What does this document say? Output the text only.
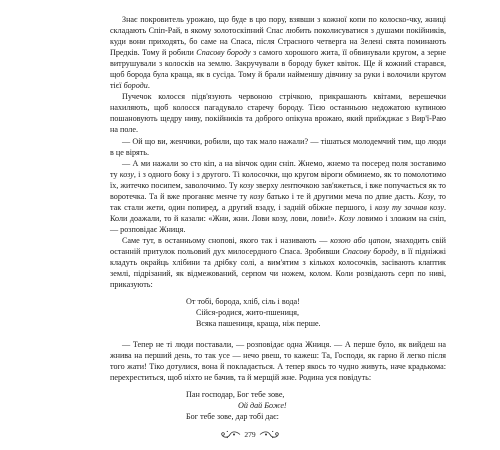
Знає покровитель урожаю, що буде в цю пору, взявши з кожної копи по колоско-чку, жниці складають Спіп-Рай, в якому золотоскіпний Спас любить поколисуватися з душами покійників, куди вони приходять, бо саме на Спаса, після Страсного четверга на Зелені свята поминають Предків. Тому й робили Спасову бороду з самого хорошого жита, її обвинували кругом, а зерне витрушували з колосків на землю. Закручували в бороду букет квіток. Ще й кожний старався, щоб борода була краща, як в сусіда. Тому й брали найменшу дівчину за руки і волочили кругом тієї бороди.

Пучечок колосся підв'язують червоною стрічкою, прикрашають квітами, верешечки нахиляють, щоб колосся пагадувало старечу бороду. Тією останньою недожатою купиною пошановують щедру ниву, покійників та доброго опікуна врожаю, який приїжджає з Вир'ї-Раю на поле.

— Ой що ви, женчики, робили, що так мало нажали? — тішаться молодемчий тим, що люди в це вірять.

— А ми нажали зо сто кіп, а на вінчок один сніп. Жнемо, жнемо та посеред поля зоставимо ту козу, і з одного боку і з другого. Ті колосочки, що кругом віроги обминемо, як то помолотимо їх, житечко посипем, заволочимо. Ту козу зверху лентючкою зав'яжеться, і вже попучається як то воротечка. Та й вже проганяє менче ту козу батько і те й другими меча по дпие дасть. Козу, то так стали жети, один попиред, а другий взаду, і задній обіжне першого, і козу ту зачнав козу. Коли доажали, то й казали: «Жни, жни. Лови козу, лови, лови!». Козу ловимо і зложим на сніп, — розповідає Жниця.

Саме тут, в останньому снопові, якого так і називають — козою або цапом, знаходить свій останній притулок польовий дух милосердного Спаса. Зробивши Спасову бороду, в її підніжжі кладуть окрайць хлібини та дрібку солі, а вим'ятим з кількох колосочків, засівають клаптик землі, підрізаний, як відмежований, серпом чи ножем, колом. Коли розвідають серп по ниві, приказують:

От тобі, борода, хліб, сіль і вода!
Сійся-родися, жито-пшениця,
Всяка пашениця, краща, ніж перше.

— Тепер не ті люди поставали, — розповідає одна Жниця. — А перше було, як вийдеш на жнива на перший день, то так усе — нечо рвеш, то кажеш: Та, Господи, як гарно й легко після того жати! Тіко дотулися, вона й покладається. А тепер якось то чудно живуть, наче крадькома: перехреститься, щоб ніхто не бачив, та й мерщій жне. Родина уся повідуть:

Пан господар, Бог тебе зове,
Ой дай Боже!
Бог тебе зове, дар тобі дає:
279
